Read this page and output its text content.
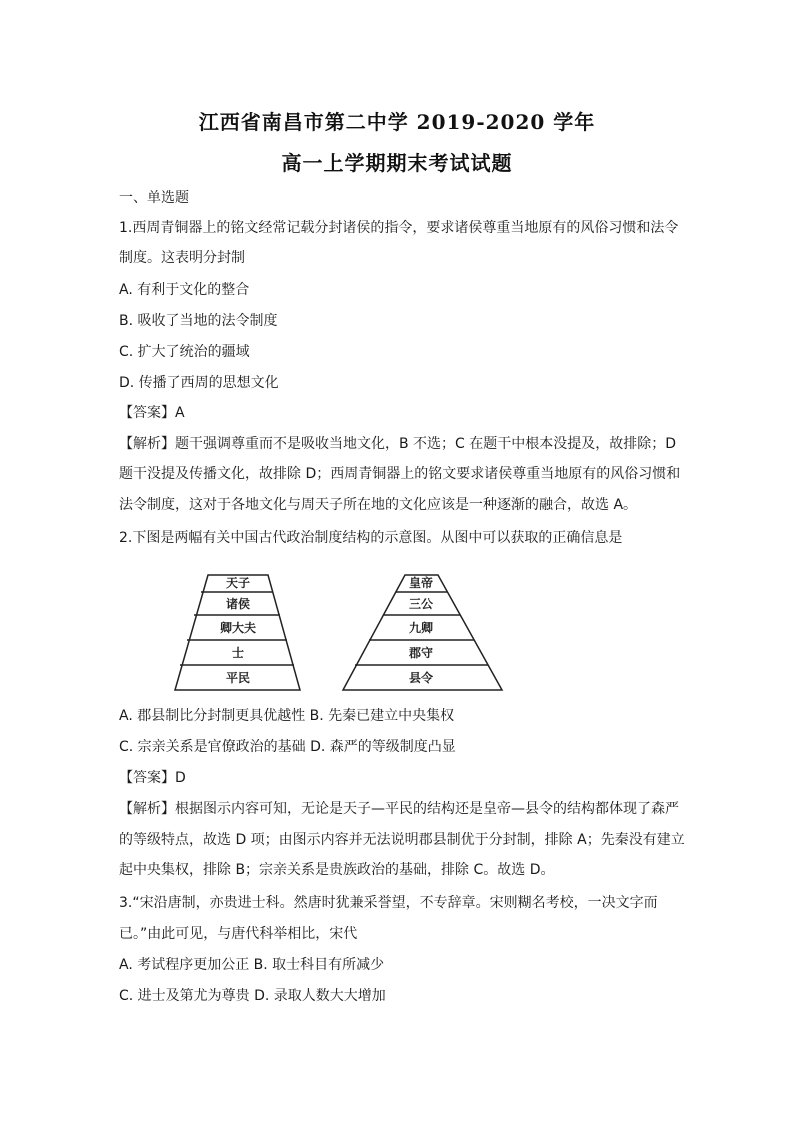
江西省南昌市第二中学 2019-2020 学年
高一上学期期末考试试题
一、单选题
1.西周青铜器上的铭文经常记载分封诸侯的指令，要求诸侯尊重当地原有的风俗习惯和法令
制度。这表明分封制
A. 有利于文化的整合
B. 吸收了当地的法令制度
C. 扩大了统治的疆域
D. 传播了西周的思想文化
【答案】A
【解析】题干强调尊重而不是吸收当地文化，B 不选；C 在题干中根本没提及，故排除；D
题干没提及传播文化，故排除 D；西周青铜器上的铭文要求诸侯尊重当地原有的风俗习惯和
法令制度，这对于各地文化与周天子所在地的文化应该是一种逐渐的融合，故选 A。
2.下图是两幅有关中国古代政治制度结构的示意图。从图中可以获取的正确信息是
天子
诸侯
卿大夫
士
平民
皇帝
三公
九卿
郡守
县令
A. 郡县制比分封制更具优越性 B. 先秦已建立中央集权
C. 宗亲关系是官僚政治的基础 D. 森严的等级制度凸显
【答案】D
【解析】根据图示内容可知，无论是天子—平民的结构还是皇帝—县令的结构都体现了森严
的等级特点，故选 D 项；由图示内容并无法说明郡县制优于分封制，排除 A；先秦没有建立
起中央集权，排除 B；宗亲关系是贵族政治的基础，排除 C。故选 D。
3.“宋沿唐制，亦贵进士科。然唐时犹兼采誉望，不专辞章。宋则糊名考校，一决文字而
已。”由此可见，与唐代科举相比，宋代
A. 考试程序更加公正 B. 取士科目有所减少
C. 进士及第尤为尊贵 D. 录取人数大大增加
